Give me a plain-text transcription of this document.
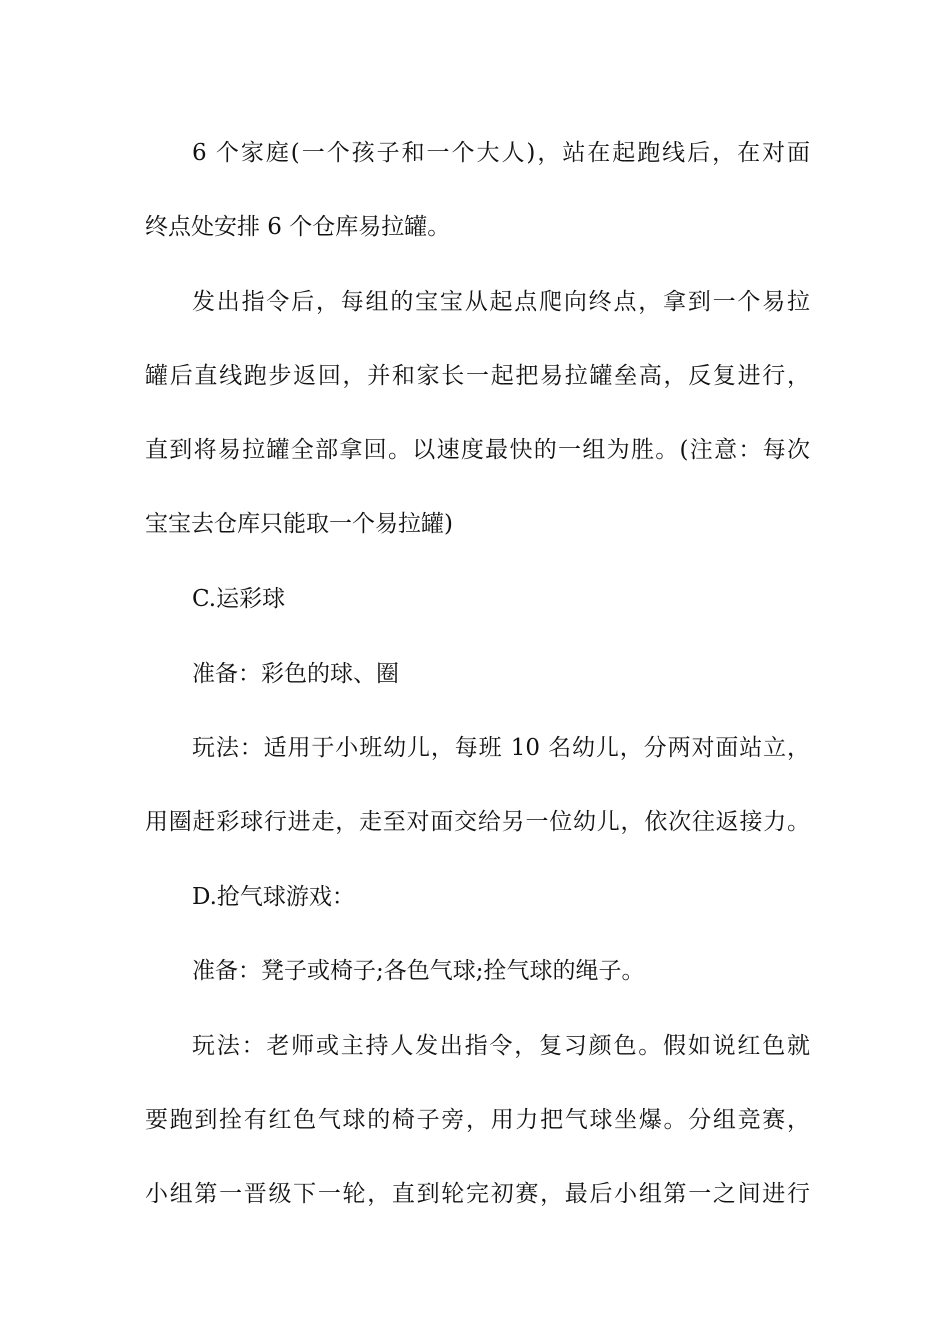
6 个家庭(一个孩子和一个大人)，站在起跑线后，在对面
终点处安排 6 个仓库易拉罐。
发出指令后，每组的宝宝从起点爬向终点，拿到一个易拉
罐后直线跑步返回，并和家长一起把易拉罐垒高，反复进行，
直到将易拉罐全部拿回。以速度最快的一组为胜。(注意：每次
宝宝去仓库只能取一个易拉罐)
C.运彩球
准备：彩色的球、圈
玩法：适用于小班幼儿，每班 10 名幼儿，分两对面站立，
用圈赶彩球行进走，走至对面交给另一位幼儿，依次往返接力。
D.抢气球游戏：
准备：凳子或椅子;各色气球;拴气球的绳子。
玩法：老师或主持人发出指令，复习颜色。假如说红色就
要跑到拴有红色气球的椅子旁，用力把气球坐爆。分组竞赛，
小组第一晋级下一轮，直到轮完初赛，最后小组第一之间进行
